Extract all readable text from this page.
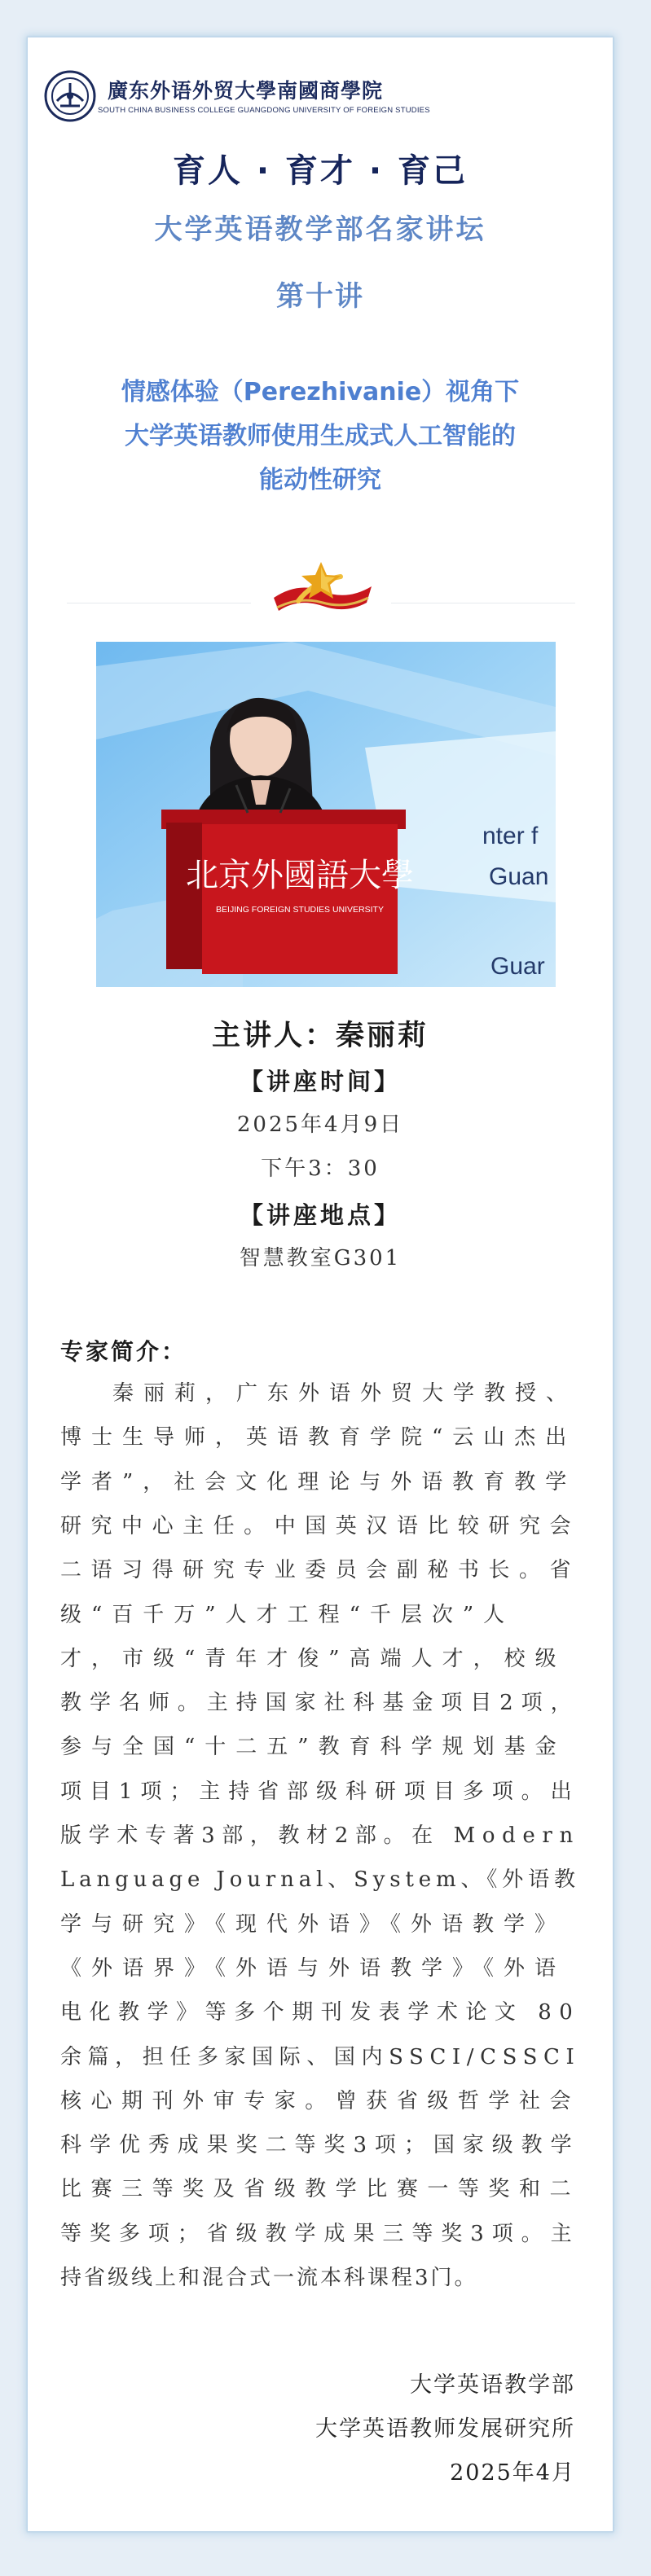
廣东外语外贸大學南國商學院
SOUTH CHINA BUSINESS COLLEGE GUANGDONG UNIVERSITY OF FOREIGN STUDIES
育人 · 育才 · 育己
大学英语教学部名家讲坛
第十讲
情感体验（Perezhivanie）视角下
大学英语教师使用生成式人工智能的
能动性研究
北京外國語大學
BEIJING FOREIGN STUDIES UNIVERSITY
nter f
Guan
Guar
主讲人：秦丽莉
【讲座时间】
2025年4月9日
下午3：30
【讲座地点】
智慧教室G301
专家简介：
秦丽莉，广东外语外贸大学教授、
博士生导师，英语教育学院“云山杰出
学者”，社会文化理论与外语教育教学
研究中心主任。中国英汉语比较研究会
二语习得研究专业委员会副秘书长。省
级“百千万”人才工程“千层次”人
才，市级“青年才俊”高端人才，校级
教学名师。主持国家社科基金项目2项，
参与全国“十二五”教育科学规划基金
项目1项；主持省部级科研项目多项。出
版学术专著3部，教材2部。在 Modern
Language Journal、System、《外语教
学与研究》《现代外语》《外语教学》
《外语界》《外语与外语教学》《外语
电化教学》等多个期刊发表学术论文 80
余篇，担任多家国际、国内SSCI/CSSCI
核心期刊外审专家。曾获省级哲学社会
科学优秀成果奖二等奖3项；国家级教学
比赛三等奖及省级教学比赛一等奖和二
等奖多项；省级教学成果三等奖3项。主
持省级线上和混合式一流本科课程3门。
大学英语教学部
大学英语教师发展研究所
2025年4月
